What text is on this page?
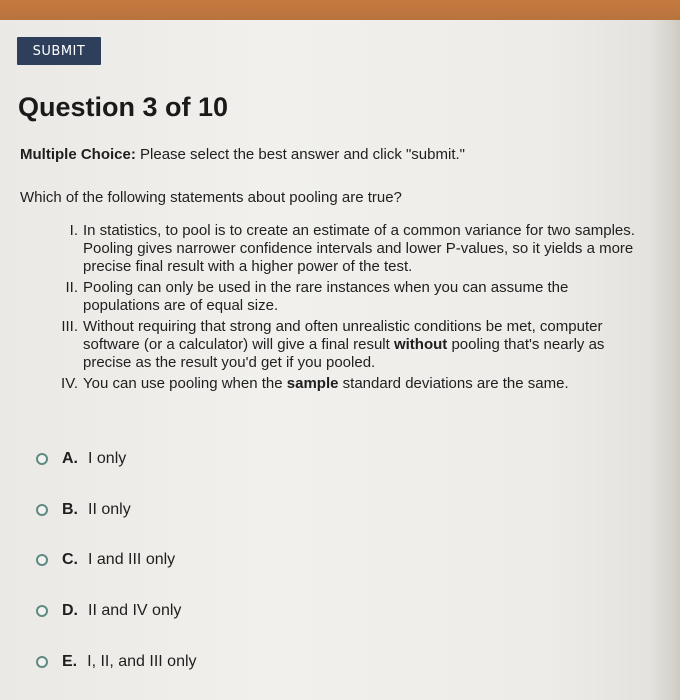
SUBMIT
Question 3 of 10
Multiple Choice: Please select the best answer and click "submit."
Which of the following statements about pooling are true?
I. In statistics, to pool is to create an estimate of a common variance for two samples. Pooling gives narrower confidence intervals and lower P-values, so it yields a more precise final result with a higher power of the test.
II. Pooling can only be used in the rare instances when you can assume the populations are of equal size.
III. Without requiring that strong and often unrealistic conditions be met, computer software (or a calculator) will give a final result without pooling that's nearly as precise as the result you'd get if you pooled.
IV. You can use pooling when the sample standard deviations are the same.
A. I only
B. II only
C. I and III only
D. II and IV only
E. I, II, and III only
